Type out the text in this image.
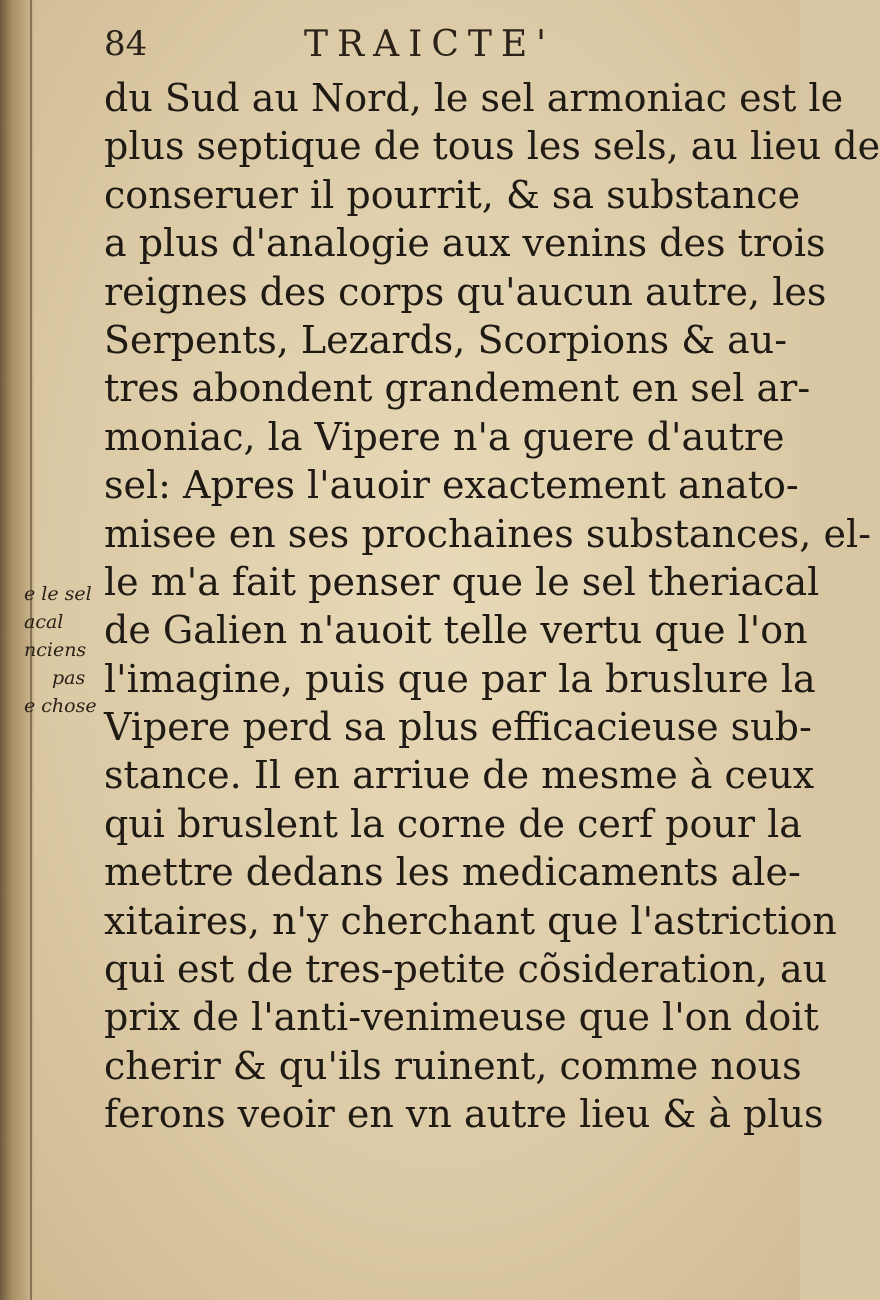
84	TRAICTE'
du Sud au Nord, le sel armoniac est le
plus septique de tous les sels, au lieu de
conseruer il pourrit, & sa substance
a plus d'analogie aux venins des trois
reignes des corps qu'aucun autre, les
Serpents, Lezards, Scorpions & au-
tres abondent grandement en sel ar-
moniac, la Vipere n'a guere d'autre
sel: Apres l'auoir exactement anato-
misee en ses prochaines substances, el-
le m'a fait penser que le sel theriacal
de Galien n'auoit telle vertu que l'on
l'imagine, puis que par la bruslure la
Vipere perd sa plus efficacieuse sub-
stance. Il en arriue de mesme à ceux
qui bruslent la corne de cerf pour la
mettre dedans les medicaments ale-
xitaires, n'y cherchant que l'astriction
qui est de tres-petite cõsideration, au
prix de l'anti-venimeuse que l'on doit
cherir & qu'ils ruinent, comme nous
ferons veoir en vn autre lieu & à plus
e le sel
acal
nciens
pas
e chose
